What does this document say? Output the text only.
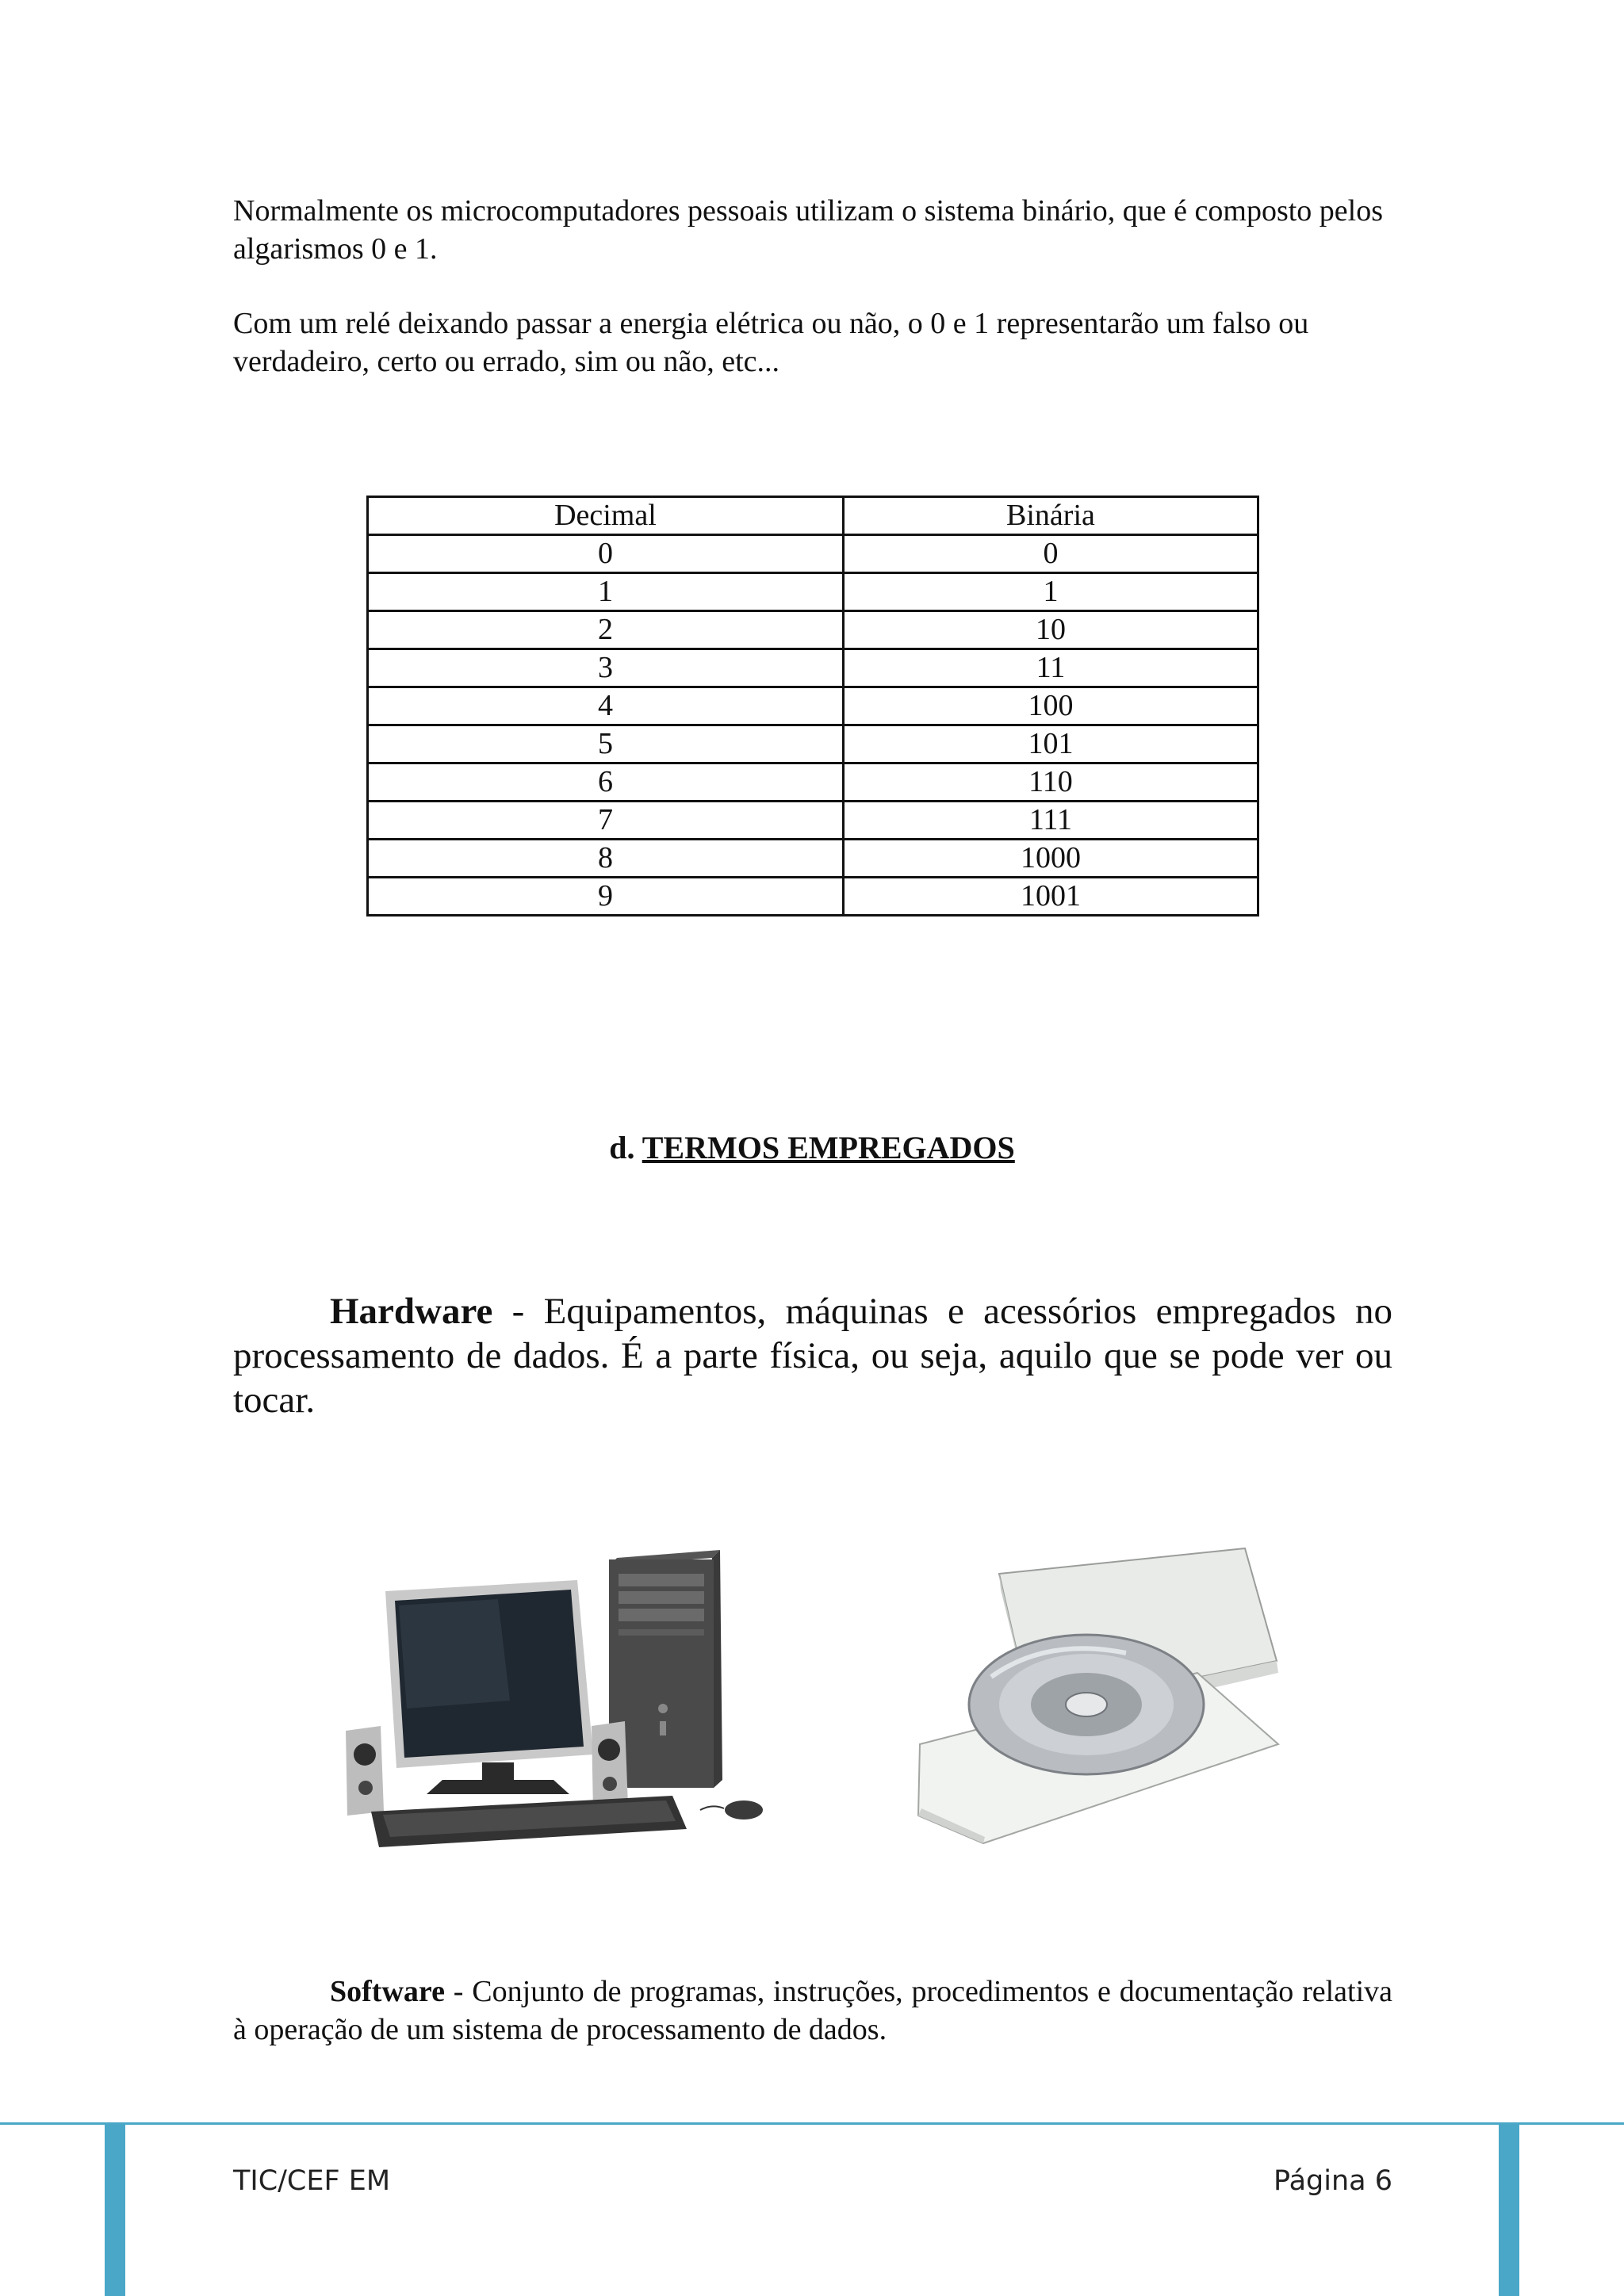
Normalmente os microcomputadores pessoais utilizam o sistema binário, que é composto pelos algarismos 0 e 1.

Com um relé deixando passar a energia elétrica ou não, o 0 e 1 representarão um falso ou verdadeiro, certo ou errado, sim ou não, etc...

Decimal	Binária
0	0
1	1
2	10
3	11
4	100
5	101
6	110
7	111
8	1000
9	1001
d. TERMOS EMPREGADOS

Hardware - Equipamentos, máquinas e acessórios empregados no processamento de dados. É a parte física, ou seja, aquilo que se pode ver ou tocar.

Software - Conjunto de programas, instruções, procedimentos e documentação relativa à operação de um sistema de processamento de dados.

TIC/CEF EM	Página 6
